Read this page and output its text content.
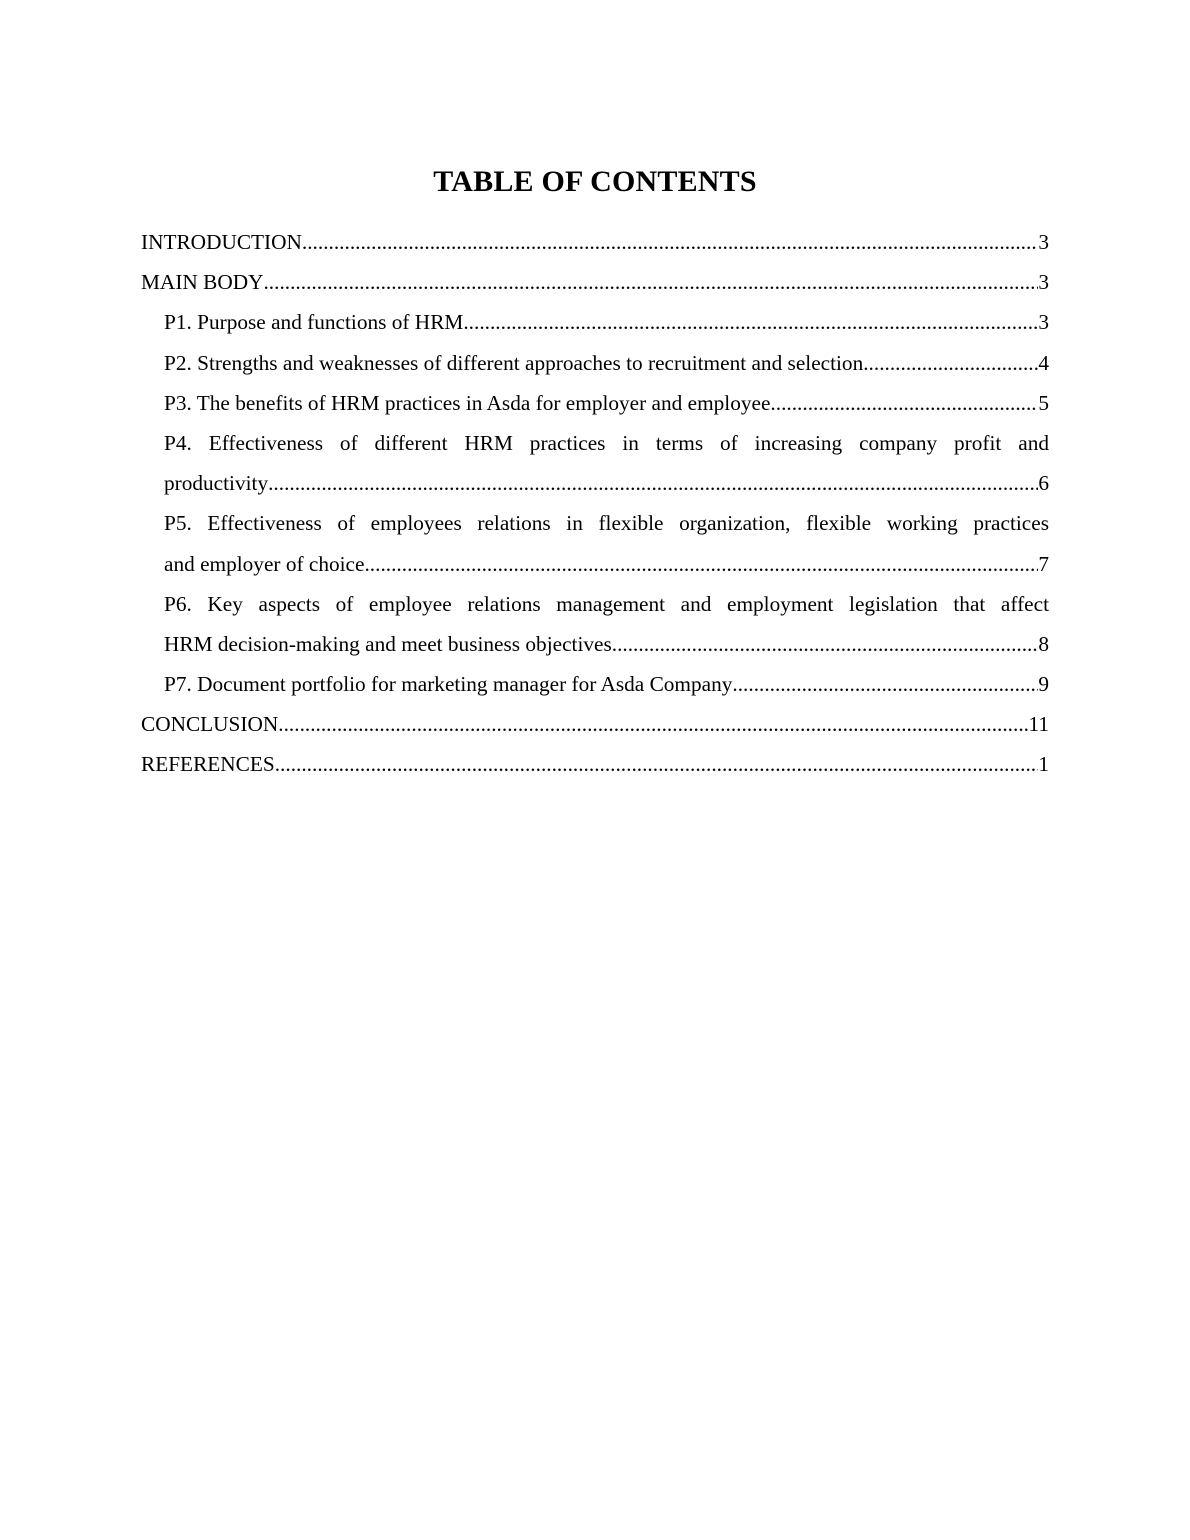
TABLE OF CONTENTS
INTRODUCTION .....	3
MAIN BODY .....	3
P1. Purpose and functions of HRM .....	3
P2. Strengths and weaknesses of different approaches to recruitment and selection .....	4
P3. The benefits of HRM practices in Asda for employer and employee .....	5
P4. Effectiveness of different HRM practices in terms of increasing company profit and
productivity .....	6
P5. Effectiveness of employees relations in flexible organization, flexible working practices
and employer of choice .....	7
P6. Key aspects of employee relations management and employment legislation that affect
HRM decision-making and meet business objectives .....	8
P7. Document portfolio for marketing manager for Asda Company .....	9
CONCLUSION .....	11
REFERENCES .....	1
